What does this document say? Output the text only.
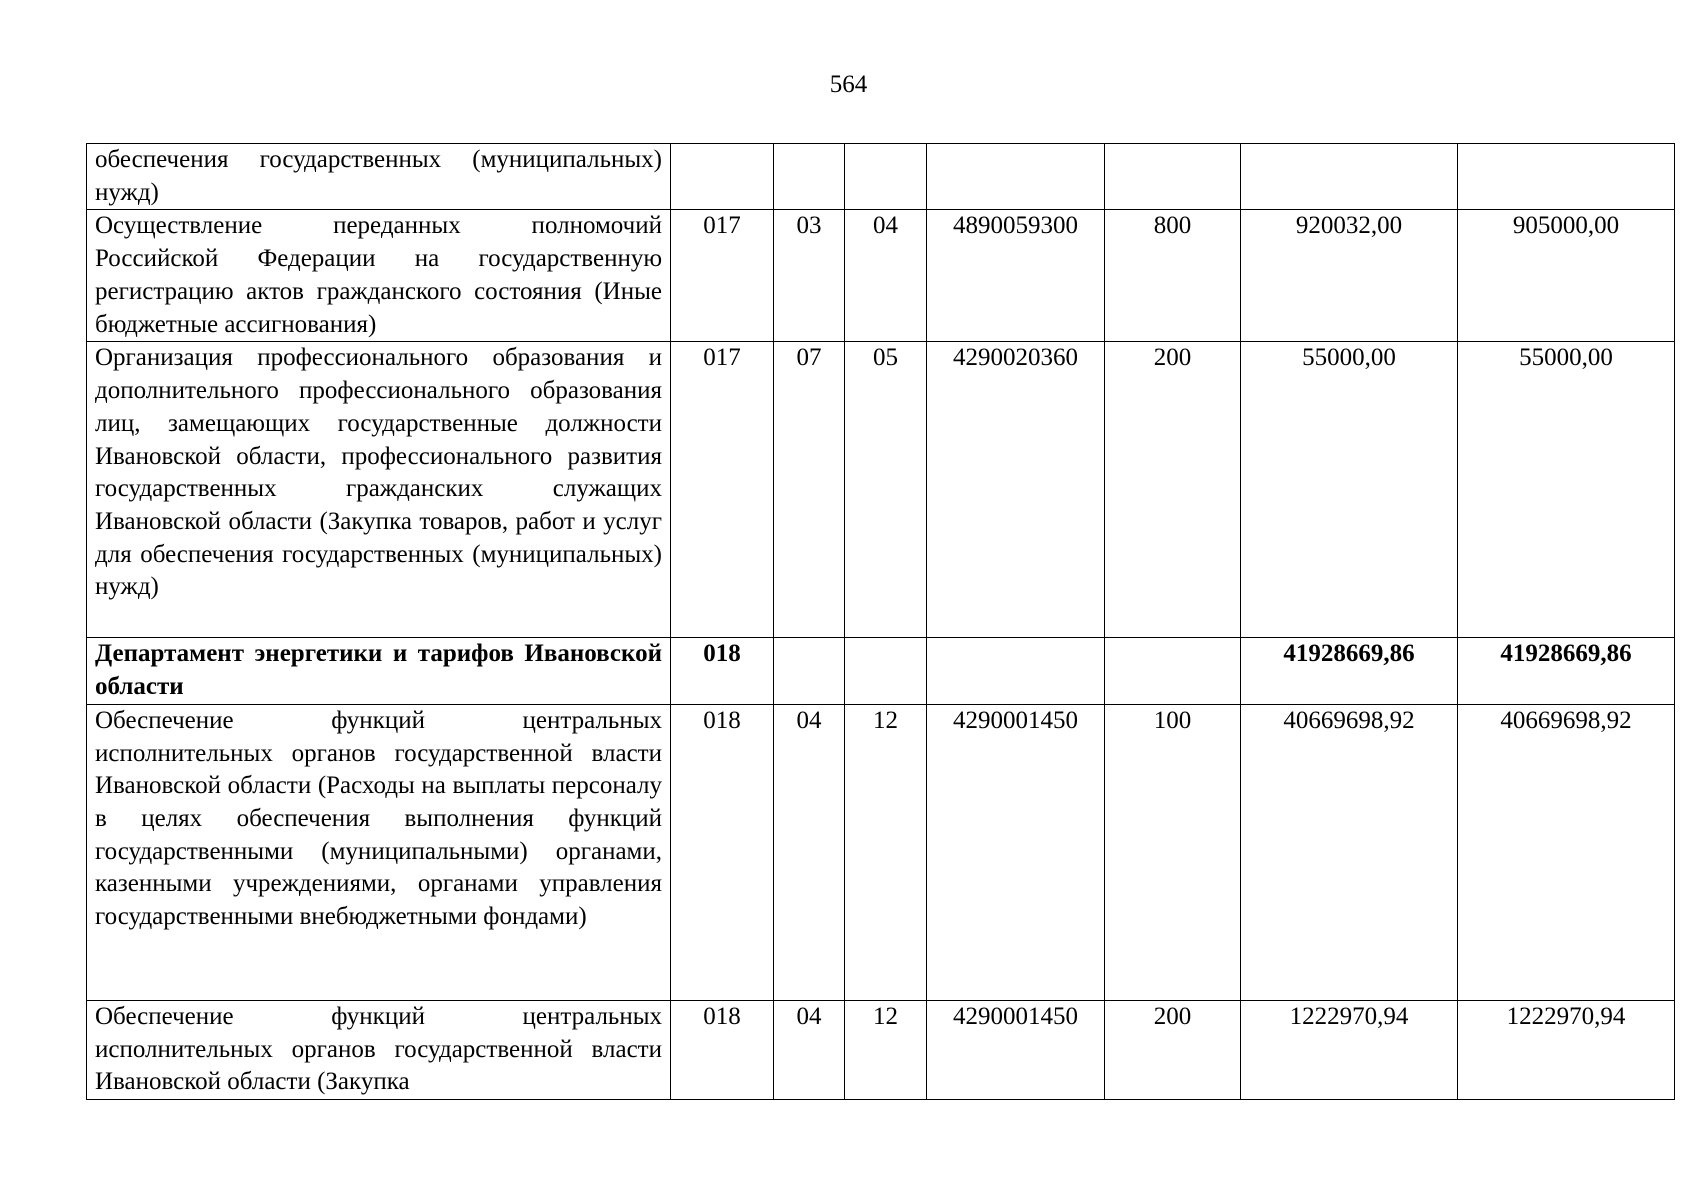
564
обеспечения государственных (муниципальных) нужд)							
Осуществление переданных полномочий Российской Федерации на государственную регистрацию актов гражданского состояния (Иные бюджетные ассигнования)	017	03	04	4890059300	800	920032,00	905000,00
Организация профессионального образования и дополнительного профессионального образования лиц, замещающих государственные должности Ивановской области, профессионального развития государственных гражданских служащих Ивановской области (Закупка товаров, работ и услуг для обеспечения государственных (муниципальных) нужд)	017	07	05	4290020360	200	55000,00	55000,00
Департамент энергетики и тарифов Ивановской области	018					41928669,86	41928669,86
Обеспечение функций центральных исполнительных органов государственной власти Ивановской области (Расходы на выплаты персоналу в целях обеспечения выполнения функций государственными (муниципальными) органами, казенными учреждениями, органами управления государственными внебюджетными фондами)	018	04	12	4290001450	100	40669698,92	40669698,92
Обеспечение функций центральных исполнительных органов государственной власти Ивановской области (Закупка	018	04	12	4290001450	200	1222970,94	1222970,94
